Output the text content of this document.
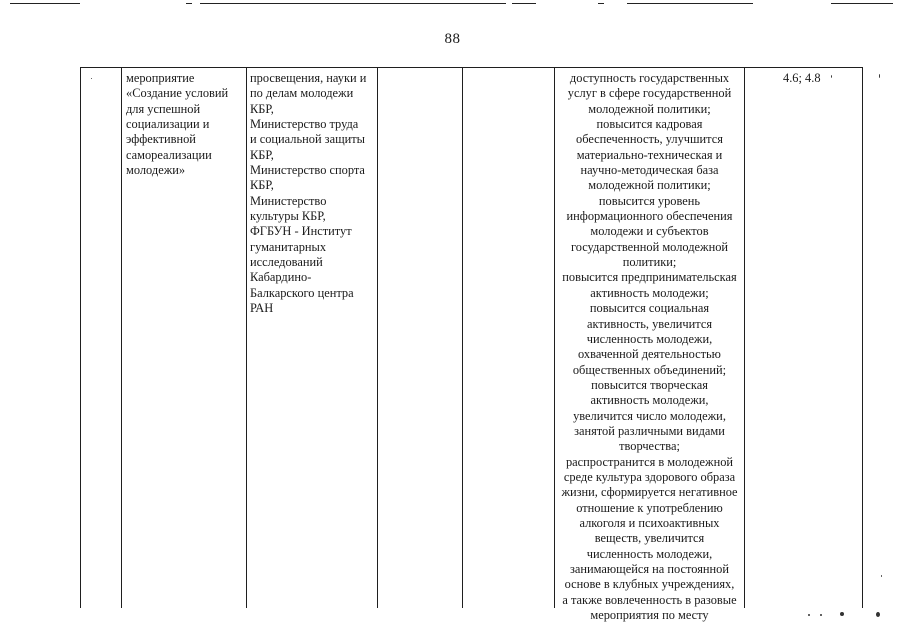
88
мероприятие
«Создание условий
для успешной
социализации и
эффективной
самореализации
молодежи»
просвещения, науки и
по делам молодежи
КБР,
Министерство труда
и социальной защиты
КБР,
Министерство спорта
КБР,
Министерство
культуры КБР,
ФГБУН - Институт
гуманитарных
исследований
Кабардино-
Балкарского центра
РАН
доступность государственных
услуг в сфере государственной
молодежной политики;
повысится кадровая
обеспеченность, улучшится
материально-техническая и
научно-методическая база
молодежной политики;
повысится уровень
информационного обеспечения
молодежи и субъектов
государственной молодежной
политики;
повысится предпринимательская
активность молодежи;
повысится социальная
активность, увеличится
численность молодежи,
охваченной деятельностью
общественных объединений;
повысится творческая
активность молодежи,
увеличится число молодежи,
занятой различными видами
творчества;
распространится в молодежной
среде культура здорового образа
жизни, сформируется негативное
отношение к употреблению
алкоголя и психоактивных
веществ, увеличится
численность молодежи,
занимающейся на постоянной
основе в клубных учреждениях,
а также вовлеченность в разовые
мероприятия по месту
4.6; 4.8
